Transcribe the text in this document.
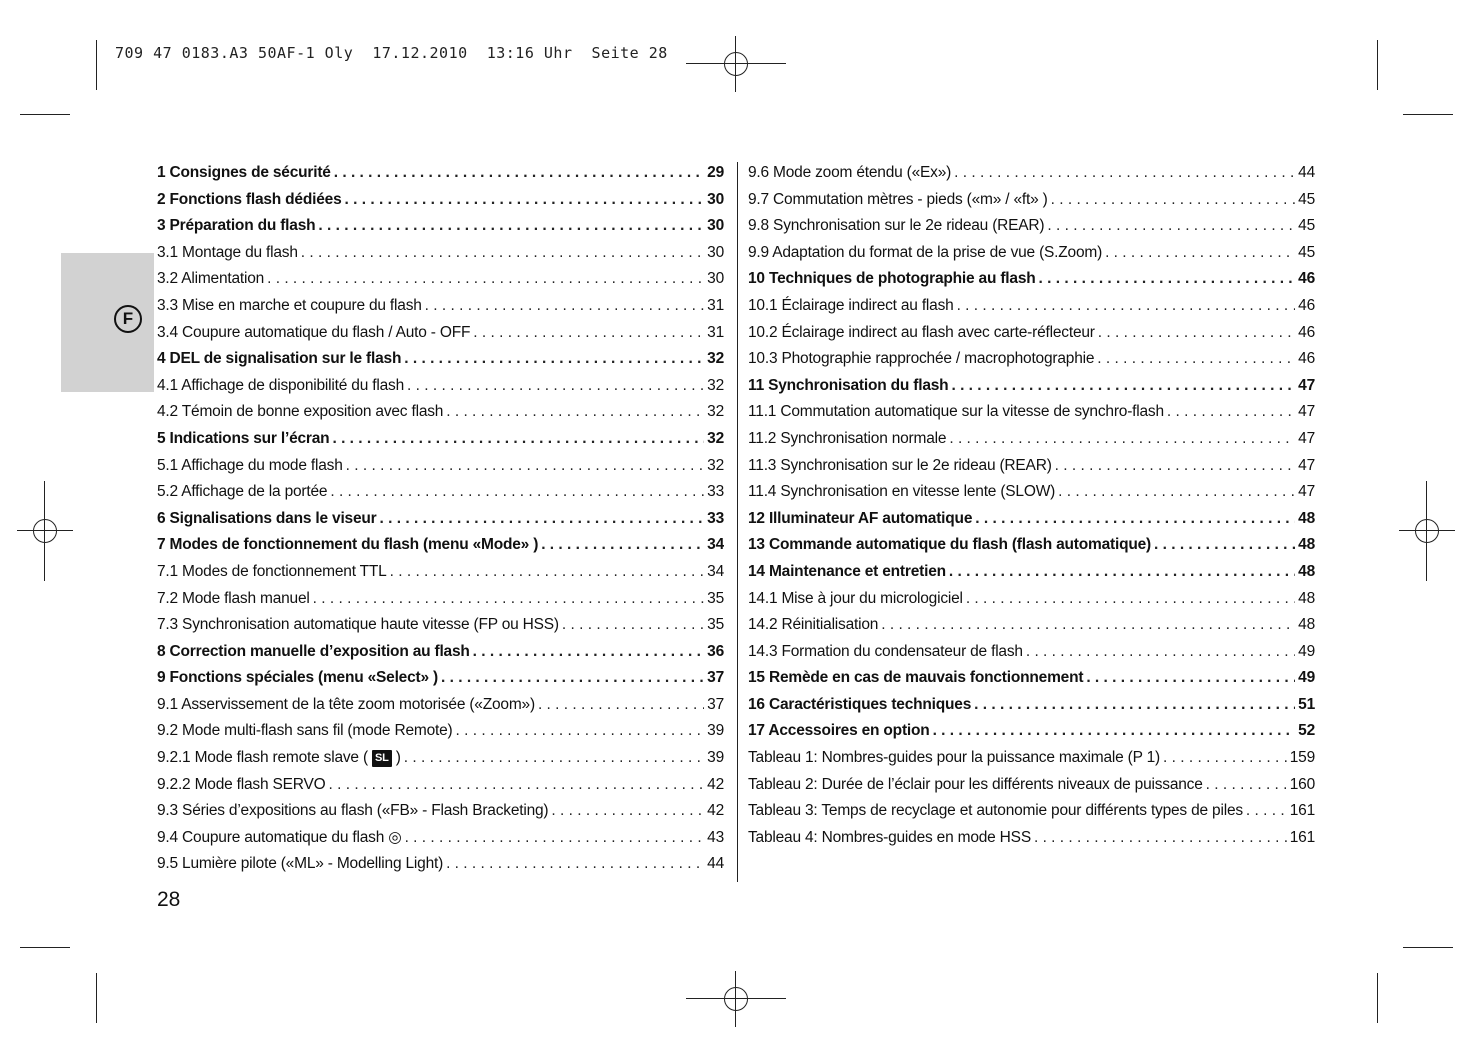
709 47 0183.A3 50AF-1 Oly  17.12.2010  13:16 Uhr  Seite 28
F
1 Consignes de sécurité . . .	29
2 Fonctions flash dédiées . . .	30
3 Préparation du flash . . .	30
3.1 Montage du flash . . .	30
3.2 Alimentation . . .	30
3.3 Mise en marche et coupure du flash . . .	31
3.4 Coupure automatique du flash / Auto - OFF . . .	31
4 DEL de signalisation sur le flash . . .	32
4.1 Affichage de disponibilité du flash . . .	32
4.2 Témoin de bonne exposition avec flash . . .	32
5 Indications sur l’écran . . .	32
5.1 Affichage du mode flash . . .	32
5.2 Affichage de la portée . . .	33
6 Signalisations dans le viseur . . .	33
7 Modes de fonctionnement du flash (menu «Mode» ) . . .	34
7.1 Modes de fonctionnement TTL . . .	34
7.2 Mode flash manuel . . .	35
7.3 Synchronisation automatique haute vitesse (FP ou HSS) . . .	35
8 Correction manuelle d’exposition au flash . . .	36
9 Fonctions spéciales (menu «Select» ) . . .	37
9.1 Asservissement de la tête zoom motorisée («Zoom») . . .	37
9.2 Mode multi-flash sans fil (mode Remote) . . .	39
9.2.1 Mode flash remote slave ( SL ) . . .	39
9.2.2 Mode flash SERVO . . .	42
9.3 Séries d’expositions au flash («FB» - Flash Bracketing) . . .	42
9.4 Coupure automatique du flash ◎ . . .	43
9.5 Lumière pilote («ML» - Modelling Light) . . .	44
9.6 Mode zoom étendu («Ex») . . .	44
9.7 Commutation mètres - pieds («m» / «ft» ) . . .	45
9.8 Synchronisation sur le 2e rideau (REAR) . . .	45
9.9 Adaptation du format de la prise de vue (S.Zoom) . . .	45
10 Techniques de photographie au flash . . .	46
10.1 Éclairage indirect au flash . . .	46
10.2 Éclairage indirect au flash avec carte-réflecteur . . .	46
10.3 Photographie rapprochée / macrophotographie . . .	46
11 Synchronisation du flash . . .	47
11.1 Commutation automatique sur la vitesse de synchro-flash . . .	47
11.2 Synchronisation normale . . .	47
11.3 Synchronisation sur le 2e rideau (REAR) . . .	47
11.4 Synchronisation en vitesse lente (SLOW) . . .	47
12 Illuminateur AF automatique . . .	48
13 Commande automatique du flash (flash automatique) . . .	48
14 Maintenance et entretien . . .	48
14.1 Mise à jour du micrologiciel . . .	48
14.2 Réinitialisation . . .	48
14.3 Formation du condensateur de flash . . .	49
15 Remède en cas de mauvais fonctionnement . . .	49
16 Caractéristiques techniques . . .	51
17 Accessoires en option . . .	52
Tableau 1: Nombres-guides pour la puissance maximale (P 1) . . .	159
Tableau 2: Durée de l’éclair pour les différents niveaux de puissance . . .	160
Tableau 3: Temps de recyclage et autonomie pour différents types de piles . . .	161
Tableau 4: Nombres-guides en mode HSS . . .	161
28
